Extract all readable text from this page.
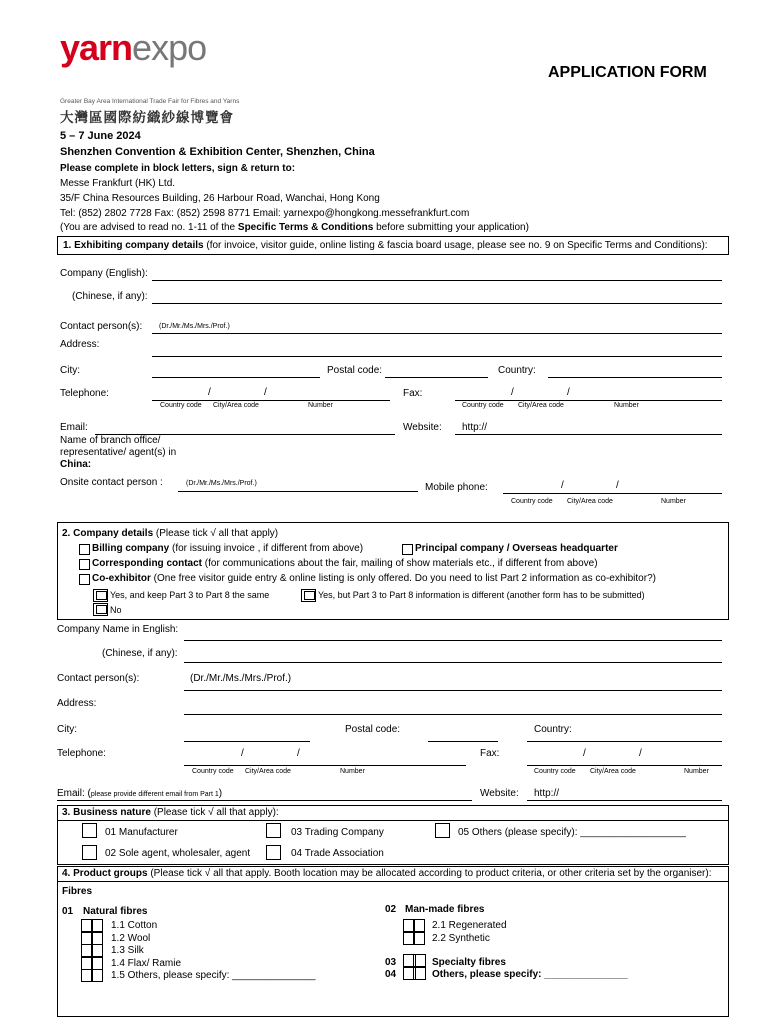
yarnexpo
Greater Bay Area International Trade Fair for Fibres and Yarns
大灣區國際紡織紗線博覽會
APPLICATION FORM
5 – 7 June 2024
Shenzhen Convention & Exhibition Center, Shenzhen, China
Please complete in block letters, sign & return to:
Messe Frankfurt (HK) Ltd.
35/F China Resources Building, 26 Harbour Road, Wanchai, Hong Kong
Tel: (852) 2802 7728 Fax: (852) 2598 8771 Email: yarnexpo@hongkong.messefrankfurt.com
(You are advised to read no. 1-11 of the Specific Terms & Conditions before submitting your application)
1. Exhibiting company details (for invoice, visitor guide, online listing & fascia board usage, please see no. 9 on Specific Terms and Conditions):
Company (English):
(Chinese, if any):
Contact person(s): (Dr./Mr./Ms./Mrs./Prof.)
Address:
City:	Postal code:	Country:
Telephone:	/	/
Country code City/Area code	Number
Fax:	/	/
Country code City/Area code	Number
Email:	Website: http://
Name of branch office/
representative/ agent(s) in
China:
Onsite contact person :	(Dr./Mr./Ms./Mrs./Prof.)	Mobile phone:	/	/
Country code City/Area code	Number
2. Company details (Please tick √ all that apply)
Billing company (for issuing invoice , if different from above)	Principal company / Overseas headquarter
Corresponding contact (for communications about the fair, mailing of show materials etc., if different from above)
Co-exhibitor (One free visitor guide entry & online listing is only offered. Do you need to list Part 2 information as co-exhibitor?)
Yes, and keep Part 3 to Part 8 the same	Yes, but Part 3 to Part 8 information is different (another form has to be submitted)
No
Company Name in English:
(Chinese, if any):
Contact person(s):	(Dr./Mr./Ms./Mrs./Prof.)
Address:
City:	Postal code:	Country:
Telephone:	/	/
Country code City/Area code	Number
Fax:	/	/
Country code City/Area code	Number
Email: (please provide different email from Part 1)	Website: http://
3. Business nature (Please tick √ all that apply):
01 Manufacturer	03 Trading Company	05 Others (please specify): ___________________
02 Sole agent, wholesaler, agent	04 Trade Association
4. Product groups (Please tick √ all that apply. Booth location may be allocated according to product criteria, or other criteria set by the organiser):
Fibres
01 Natural fibres
1.1 Cotton
1.2 Wool
1.3 Silk
1.4 Flax/ Ramie
1.5 Others, please specify: _______________
02 Man-made fibres
2.1 Regenerated
2.2 Synthetic
03	Specialty fibres
04	Others, please specify: _______________
